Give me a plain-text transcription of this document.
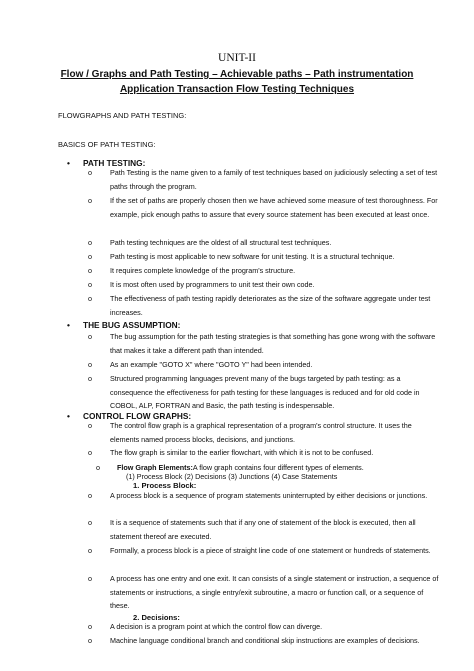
UNIT-II
Flow / Graphs and Path Testing – Achievable paths – Path instrumentation
Application Transaction Flow Testing Techniques
FLOWGRAPHS AND PATH TESTING:
BASICS OF PATH TESTING:
• PATH TESTING:
o	Path Testing is the name given to a family of test techniques based on judiciously selecting a set of test paths through the program.
o	If the set of paths are properly chosen then we have achieved some measure of test thoroughness. For example, pick enough paths to assure that every source statement has been executed at least once.
o	Path testing techniques are the oldest of all structural test techniques.
o	Path testing is most applicable to new software for unit testing. It is a structural technique.
o	It requires complete knowledge of the program's structure.
o	It is most often used by programmers to unit test their own code.
o	The effectiveness of path testing rapidly deteriorates as the size of the software aggregate under test increases.
• THE BUG ASSUMPTION:
o	The bug assumption for the path testing strategies is that something has gone wrong with the software that makes it take a different path than intended.
o	As an example "GOTO X" where "GOTO Y" had been intended.
o	Structured programming languages prevent many of the bugs targeted by path testing: as a consequence the effectiveness for path testing for these languages is reduced and for old code in COBOL, ALP, FORTRAN and Basic, the path testing is indespensable.
• CONTROL FLOW GRAPHS:
o	The control flow graph is a graphical representation of a program's control structure. It uses the elements named process blocks, decisions, and junctions.
o	The flow graph is similar to the earlier flowchart, with which it is not to be confused.
o Flow Graph Elements:A flow graph contains four different types of elements.
(1) Process Block (2) Decisions (3) Junctions (4) Case Statements
1. Process Block:
o	A process block is a sequence of program statements uninterrupted by either decisions or junctions.
o	It is a sequence of statements such that if any one of statement of the block is executed, then all statement thereof are executed.
o	Formally, a process block is a piece of straight line code of one statement or hundreds of statements.
o	A process has one entry and one exit. It can consists of a single statement or instruction, a sequence of statements or instructions, a single entry/exit subroutine, a macro or function call, or a sequence of these.
2. Decisions:
o	A decision is a program point at which the control flow can diverge.
o	Machine language conditional branch and conditional skip instructions are examples of decisions.
